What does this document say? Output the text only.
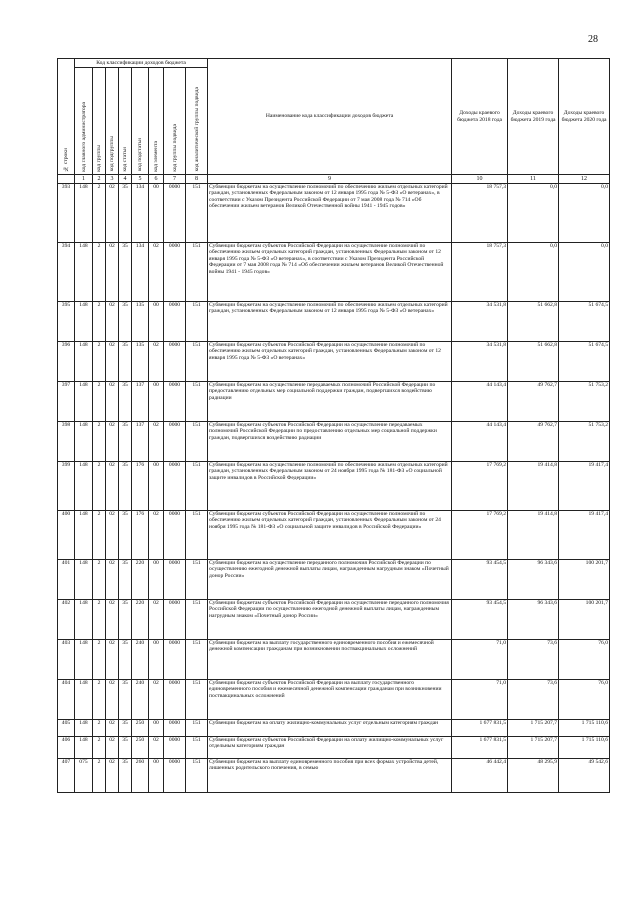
28
№ строки	Код классификации доходов бюджета								Наименование кода классификации доходов бюджета	Доходы краевого бюджета 2018 года	Доходы краевого бюджета 2019 года	Доходы краевого бюджета 2020 года
	код главного администратора	код группы	код подгруппы	код статьи	код подстатьи	код элемента	код группы подвида	код аналитической группы подвида				
	1	2	3	4	5	6	7	8	9	10	11	12
393	148	2	02	35	134	00	0000	151	Субвенции бюджетам на осуществление полномочий по обеспечению жильем отдельных категорий граждан, установленных Федеральным законом от 12 января 1995 года № 5-ФЗ «О ветеранах», в соответствии с Указом Президента Российской Федерации от 7 мая 2008 года № 714 «Об обеспечении жильем ветеранов Великой Отечественной войны 1941 - 1945 годов»	18 757,3	0,0	0,0
394	148	2	02	35	134	02	0000	151	Субвенции бюджетам субъектов Российской Федерации на осуществление полномочий по обеспечению жильем отдельных категорий граждан, установленных Федеральным законом от 12 января 1995 года № 5-ФЗ «О ветеранах», в соответствии с Указом Президента Российской Федерации от 7 мая 2008 года № 714 «Об обеспечении жильем ветеранов Великой Отечественной войны 1941 - 1945 годов»	18 757,3	0,0	0,0
395	148	2	02	35	135	00	0000	151	Субвенции бюджетам на осуществление полномочий по обеспечению жильем отдельных категорий граждан, установленных Федеральным законом от 12 января 1995 года № 5-ФЗ «О ветеранах»	34 531,8	51 662,8	51 674,5
396	148	2	02	35	135	02	0000	151	Субвенции бюджетам субъектов Российской Федерации на осуществление полномочий по обеспечению жильем отдельных категорий граждан, установленных Федеральным законом от 12 января 1995 года № 5-ФЗ «О ветеранах»	34 531,8	51 662,8	51 674,5
397	148	2	02	35	137	00	0000	151	Субвенции бюджетам на осуществление передаваемых полномочий Российской Федерации по предоставлению отдельных мер социальной поддержки граждан, подвергшихся воздействию радиации	44 143,4	49 762,7	51 753,2
398	148	2	02	35	137	02	0000	151	Субвенции бюджетам субъектов Российской Федерации на осуществление передаваемых полномочий Российской Федерации по предоставлению отдельных мер социальной поддержки граждан, подвергшихся воздействию радиации	44 143,4	49 762,7	51 753,2
399	148	2	02	35	176	00	0000	151	Субвенции бюджетам на осуществление полномочий по обеспечению жильем отдельных категорий граждан, установленных Федеральным законом от 24 ноября 1995 года № 181-ФЗ «О социальной защите инвалидов в Российской Федерации»	17 769,2	19 414,8	19 417,4
400	148	2	02	35	176	02	0000	151	Субвенции бюджетам субъектов Российской Федерации на осуществление полномочий по обеспечению жильем отдельных категорий граждан, установленных Федеральным законом от 24 ноября 1995 года № 181-ФЗ «О социальной защите инвалидов в Российской Федерации»	17 769,2	19 414,8	19 417,4
401	148	2	02	35	220	00	0000	151	Субвенции бюджетам на осуществление переданного полномочия Российской Федерации по осуществлению ежегодной денежной выплаты лицам, награжденным нагрудным знаком «Почетный донор России»	93 454,5	96 343,6	100 201,7
402	148	2	02	35	220	02	0000	151	Субвенции бюджетам субъектов Российской Федерации на осуществление переданного полномочия Российской Федерации по осуществлению ежегодной денежной выплаты лицам, награжденным нагрудным знаком «Почетный донор России»	93 454,5	96 343,6	100 201,7
403	148	2	02	35	240	00	0000	151	Субвенции бюджетам на выплату государственного единовременного пособия и ежемесячной денежной компенсации гражданам при возникновении поствакцинальных осложнений	71,0	73,6	76,0
404	148	2	02	35	240	02	0000	151	Субвенции бюджетам субъектов Российской Федерации на выплату государственного единовременного пособия и ежемесячной денежной компенсации гражданам при возникновении поствакцинальных осложнений	71,0	73,6	76,0
405	148	2	02	35	250	00	0000	151	Субвенции бюджетам на оплату жилищно-коммунальных услуг отдельным категориям граждан	1 677 831,5	1 715 207,7	1 715 110,6
406	148	2	02	35	250	02	0000	151	Субвенции бюджетам субъектов Российской Федерации на оплату жилищно-коммунальных услуг отдельным категориям граждан	1 677 831,5	1 715 207,7	1 715 110,6
407	075	2	02	35	260	00	0000	151	Субвенции бюджетам на выплату единовременного пособия при всех формах устройства детей, лишенных родительского попечения, в семью	46 442,4	48 295,9	49 542,6
